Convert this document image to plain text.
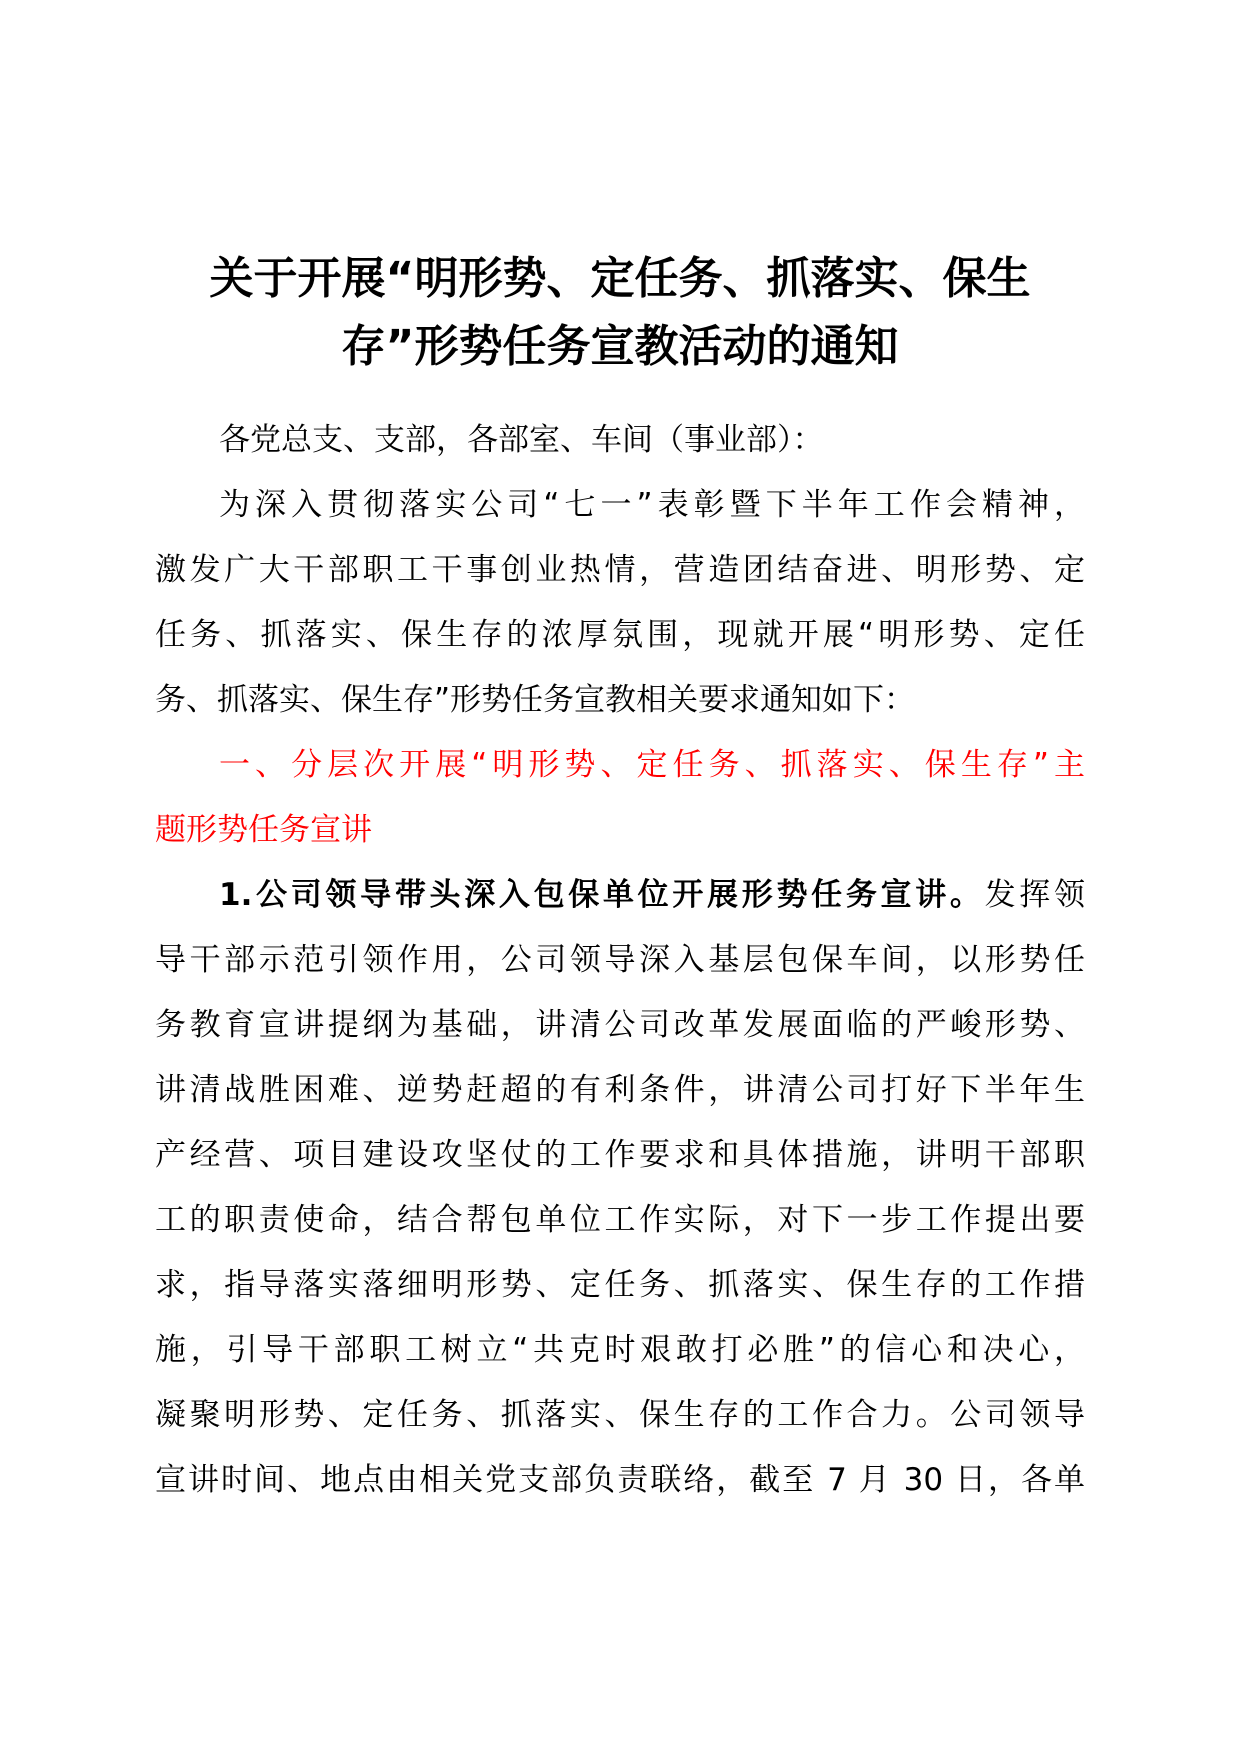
关于开展“明形势、定任务、抓落实、保生
存”形势任务宣教活动的通知
各党总支、支部，各部室、车间（事业部）：
为深入贯彻落实公司“七一”表彰暨下半年工作会精神，
激发广大干部职工干事创业热情，营造团结奋进、明形势、定
任务、抓落实、保生存的浓厚氛围，现就开展“明形势、定任
务、抓落实、保生存”形势任务宣教相关要求通知如下：
一、分层次开展“明形势、定任务、抓落实、保生存”主
题形势任务宣讲
1.公司领导带头深入包保单位开展形势任务宣讲。发挥领
导干部示范引领作用，公司领导深入基层包保车间，以形势任
务教育宣讲提纲为基础，讲清公司改革发展面临的严峻形势、
讲清战胜困难、逆势赶超的有利条件，讲清公司打好下半年生
产经营、项目建设攻坚仗的工作要求和具体措施，讲明干部职
工的职责使命，结合帮包单位工作实际，对下一步工作提出要
求，指导落实落细明形势、定任务、抓落实、保生存的工作措
施，引导干部职工树立“共克时艰敢打必胜”的信心和决心，
凝聚明形势、定任务、抓落实、保生存的工作合力。公司领导
宣讲时间、地点由相关党支部负责联络，截至 7 月 30 日，各单
